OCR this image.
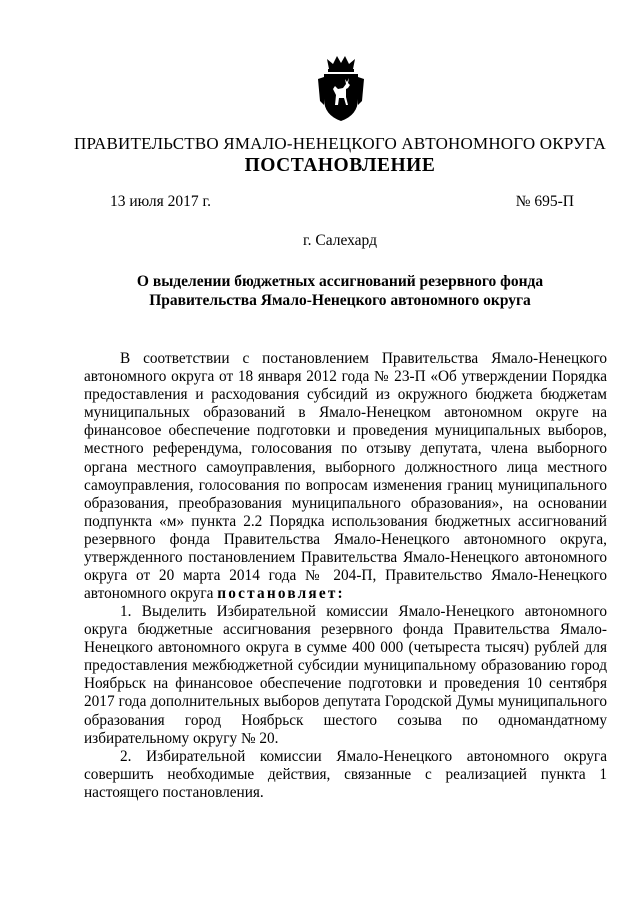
ПРАВИТЕЛЬСТВО ЯМАЛО-НЕНЕЦКОГО АВТОНОМНОГО ОКРУГА
ПОСТАНОВЛЕНИЕ
13 июля 2017 г.	№ 695-П
г. Салехард
О выделении бюджетных ассигнований резервного фонда
Правительства Ямало-Ненецкого автономного округа

В соответствии с постановлением Правительства Ямало-Ненецкого автономного округа от 18 января 2012 года № 23-П «Об утверждении Порядка предоставления и расходования субсидий из окружного бюджета бюджетам муниципальных образований в Ямало-Ненецком автономном округе на финансовое обеспечение подготовки и проведения муниципальных выборов, местного референдума, голосования по отзыву депутата, члена выборного органа местного самоуправления, выборного должностного лица местного самоуправления, голосования по вопросам изменения границ муниципального образования, преобразования муниципального образования», на основании подпункта «м» пункта 2.2 Порядка использования бюджетных ассигнований резервного фонда Правительства Ямало-Ненецкого автономного округа, утвержденного постановлением Правительства Ямало-Ненецкого автономного округа от 20 марта 2014 года № 204-П, Правительство Ямало-Ненецкого автономного округа постановляет:

1. Выделить Избирательной комиссии Ямало-Ненецкого автономного округа бюджетные ассигнования резервного фонда Правительства Ямало-Ненецкого автономного округа в сумме 400 000 (четыреста тысяч) рублей для предоставления межбюджетной субсидии муниципальному образованию город Ноябрьск на финансовое обеспечение подготовки и проведения 10 сентября 2017 года дополнительных выборов депутата Городской Думы муниципального образования город Ноябрьск шестого созыва по одномандатному избирательному округу № 20.

2. Избирательной комиссии Ямало-Ненецкого автономного округа совершить необходимые действия, связанные с реализацией пункта 1 настоящего постановления.
